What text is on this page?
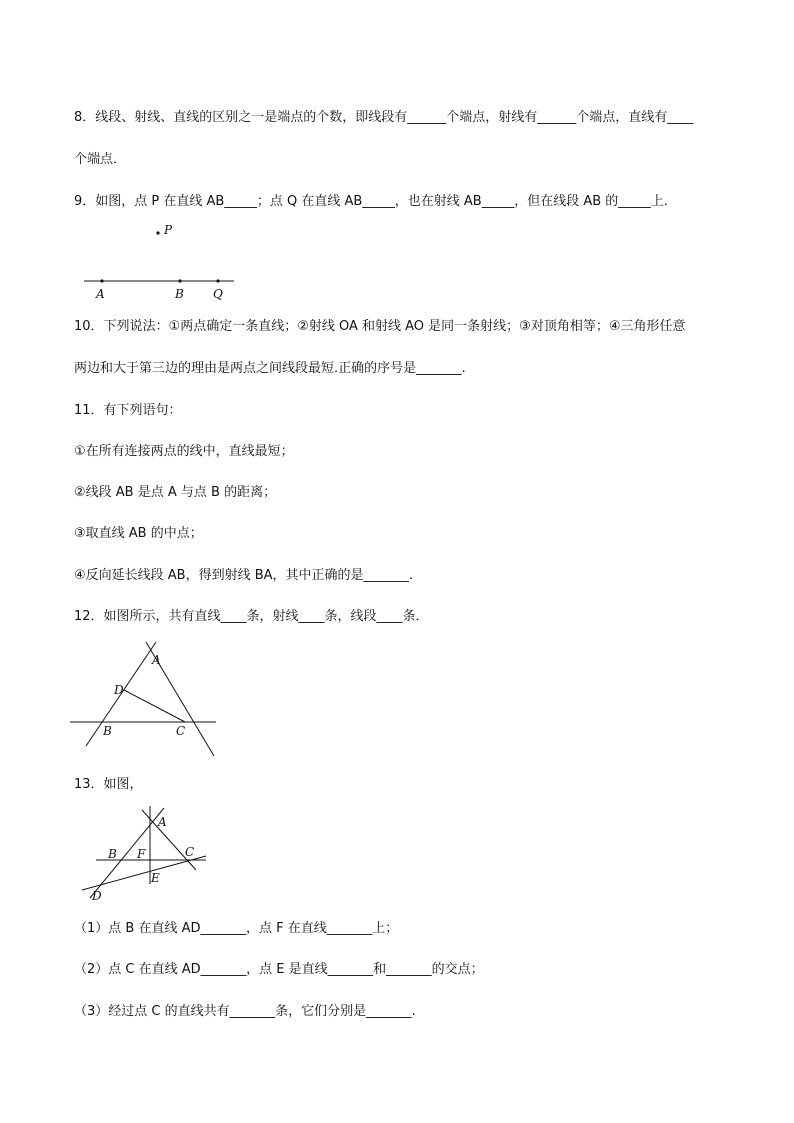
8．线段、射线、直线的区别之一是端点的个数，即线段有______个端点，射线有______个端点，直线有____
个端点．
9．如图，点 P 在直线 AB_____；点 Q 在直线 AB_____，也在射线 AB_____，但在线段 AB 的_____上．
P
A	B Q
10．下列说法：①两点确定一条直线；②射线 OA 和射线 AO 是同一条射线；③对顶角相等；④三角形任意
两边和大于第三边的理由是两点之间线段最短.正确的序号是_______.
11．有下列语句：
①在所有连接两点的线中，直线最短；
②线段 AB 是点 A 与点 B 的距离；
③取直线 AB 的中点；
④反向延长线段 AB，得到射线 BA，其中正确的是_______.
12．如图所示，共有直线____条，射线____条，线段____条．
A
D
B	C
13．如图，
A
B F	C
E
D
（1）点 B 在直线 AD_______，点 F 在直线_______上；
（2）点 C 在直线 AD_______，点 E 是直线_______和_______的交点；
（3）经过点 C 的直线共有_______条，它们分别是_______.
